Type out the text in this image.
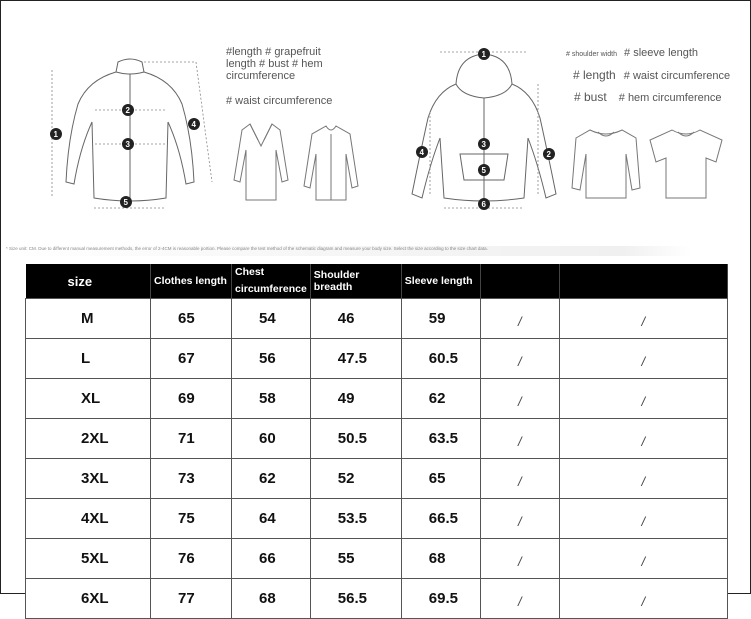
1
2
3
4
5
#length # grapefruit
length # bust # hem
circumference
# waist circumference
1
2
3
4
5
6
# shoulder width # sleeve length
# length # waist circumference
# bust # hem circumference
* Size unit: CM. Due to different manual measurement methods, the error of 2-4CM is reasonable portion. Please compare the test method of the schematic diagram and measure your body size. Select the size according to the size chart data.
size	Clothes length	Chest circumference	Shoulder breadth	Sleeve length		
M	65	54	46	59	/	/
L	67	56	47.5	60.5	/	/
XL	69	58	49	62	/	/
2XL	71	60	50.5	63.5	/	/
3XL	73	62	52	65	/	/
4XL	75	64	53.5	66.5	/	/
5XL	76	66	55	68	/	/
6XL	77	68	56.5	69.5	/	/
